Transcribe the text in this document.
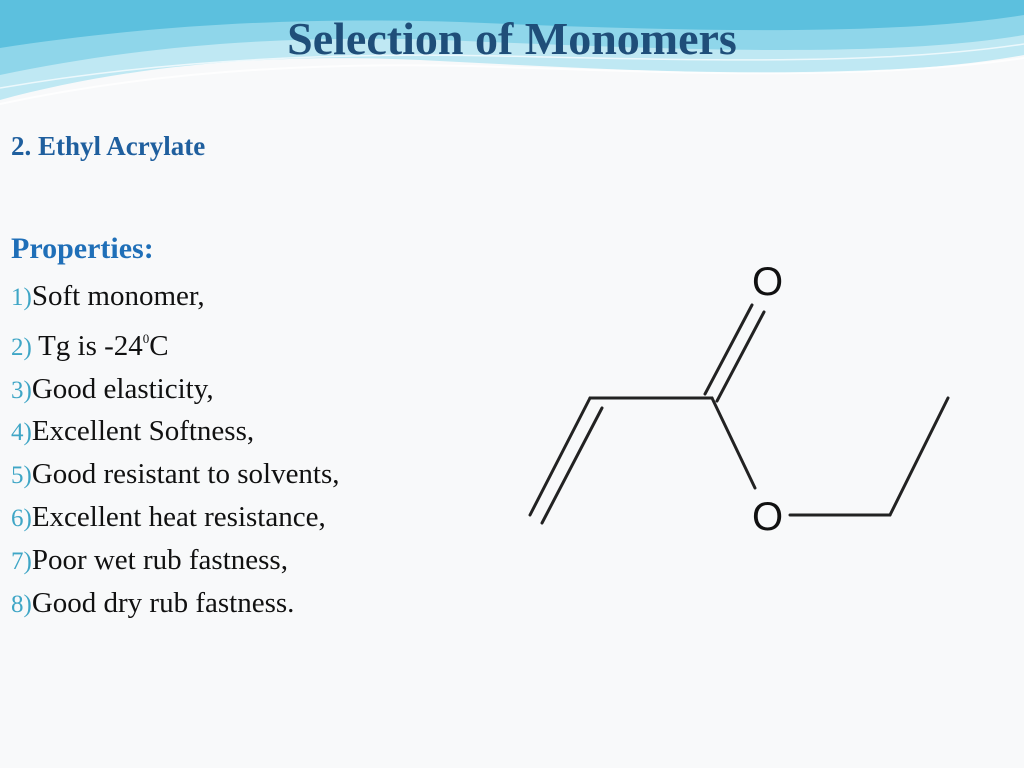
Selection of Monomers
2. Ethyl Acrylate
Properties:
1)Soft monomer,
2) Tg is $-24^0C$
3)Good elasticity,
4)Excellent Softness,
5)Good resistant to solvents,
6)Excellent heat resistance,
7)Poor wet rub fastness,
8)Good dry rub fastness.
O
O
